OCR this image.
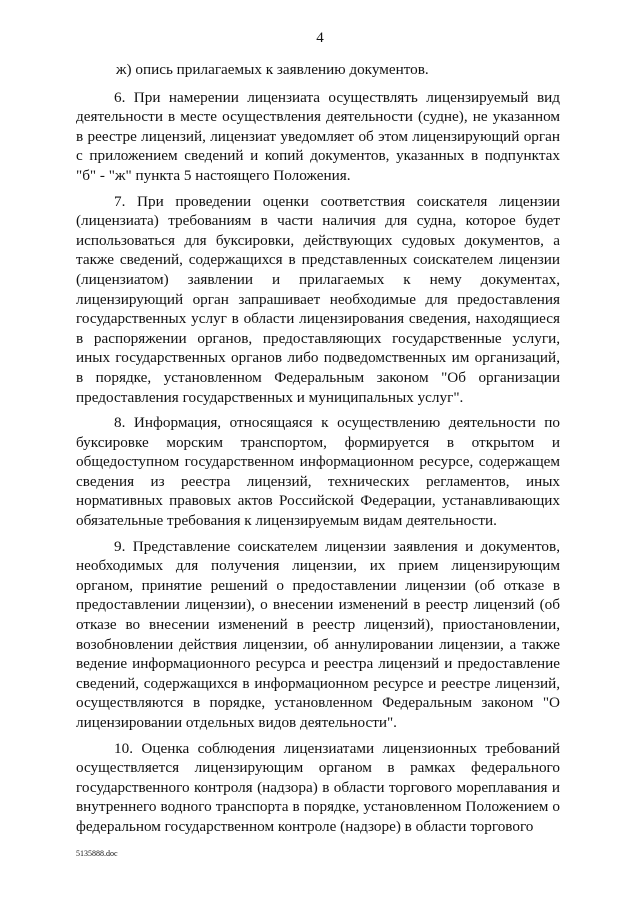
4

ж) опись прилагаемых к заявлению документов.

6. При намерении лицензиата осуществлять лицензируемый вид деятельности в месте осуществления деятельности (судне), не указанном в реестре лицензий, лицензиат уведомляет об этом лицензирующий орган с приложением сведений и копий документов, указанных в подпунктах "б" - "ж" пункта 5 настоящего Положения.

7. При проведении оценки соответствия соискателя лицензии (лицензиата) требованиям в части наличия для судна, которое будет использоваться для буксировки, действующих судовых документов, а также сведений, содержащихся в представленных соискателем лицензии (лицензиатом) заявлении и прилагаемых к нему документах, лицензирующий орган запрашивает необходимые для предоставления государственных услуг в области лицензирования сведения, находящиеся в распоряжении органов, предоставляющих государственные услуги, иных государственных органов либо подведомственных им организаций, в порядке, установленном Федеральным законом "Об организации предоставления государственных и муниципальных услуг".

8. Информация, относящаяся к осуществлению деятельности по буксировке морским транспортом, формируется в открытом и общедоступном государственном информационном ресурсе, содержащем сведения из реестра лицензий, технических регламентов, иных нормативных правовых актов Российской Федерации, устанавливающих обязательные требования к лицензируемым видам деятельности.

9. Представление соискателем лицензии заявления и документов, необходимых для получения лицензии, их прием лицензирующим органом, принятие решений о предоставлении лицензии (об отказе в предоставлении лицензии), о внесении изменений в реестр лицензий (об отказе во внесении изменений в реестр лицензий), приостановлении, возобновлении действия лицензии, об аннулировании лицензии, а также ведение информационного ресурса и реестра лицензий и предоставление сведений, содержащихся в информационном ресурсе и реестре лицензий, осуществляются в порядке, установленном Федеральным законом "О лицензировании отдельных видов деятельности".

10. Оценка соблюдения лицензиатами лицензионных требований осуществляется лицензирующим органом в рамках федерального государственного контроля (надзора) в области торгового мореплавания и внутреннего водного транспорта в порядке, установленном Положением о федеральном государственном контроле (надзоре) в области торгового

5135888.doc
